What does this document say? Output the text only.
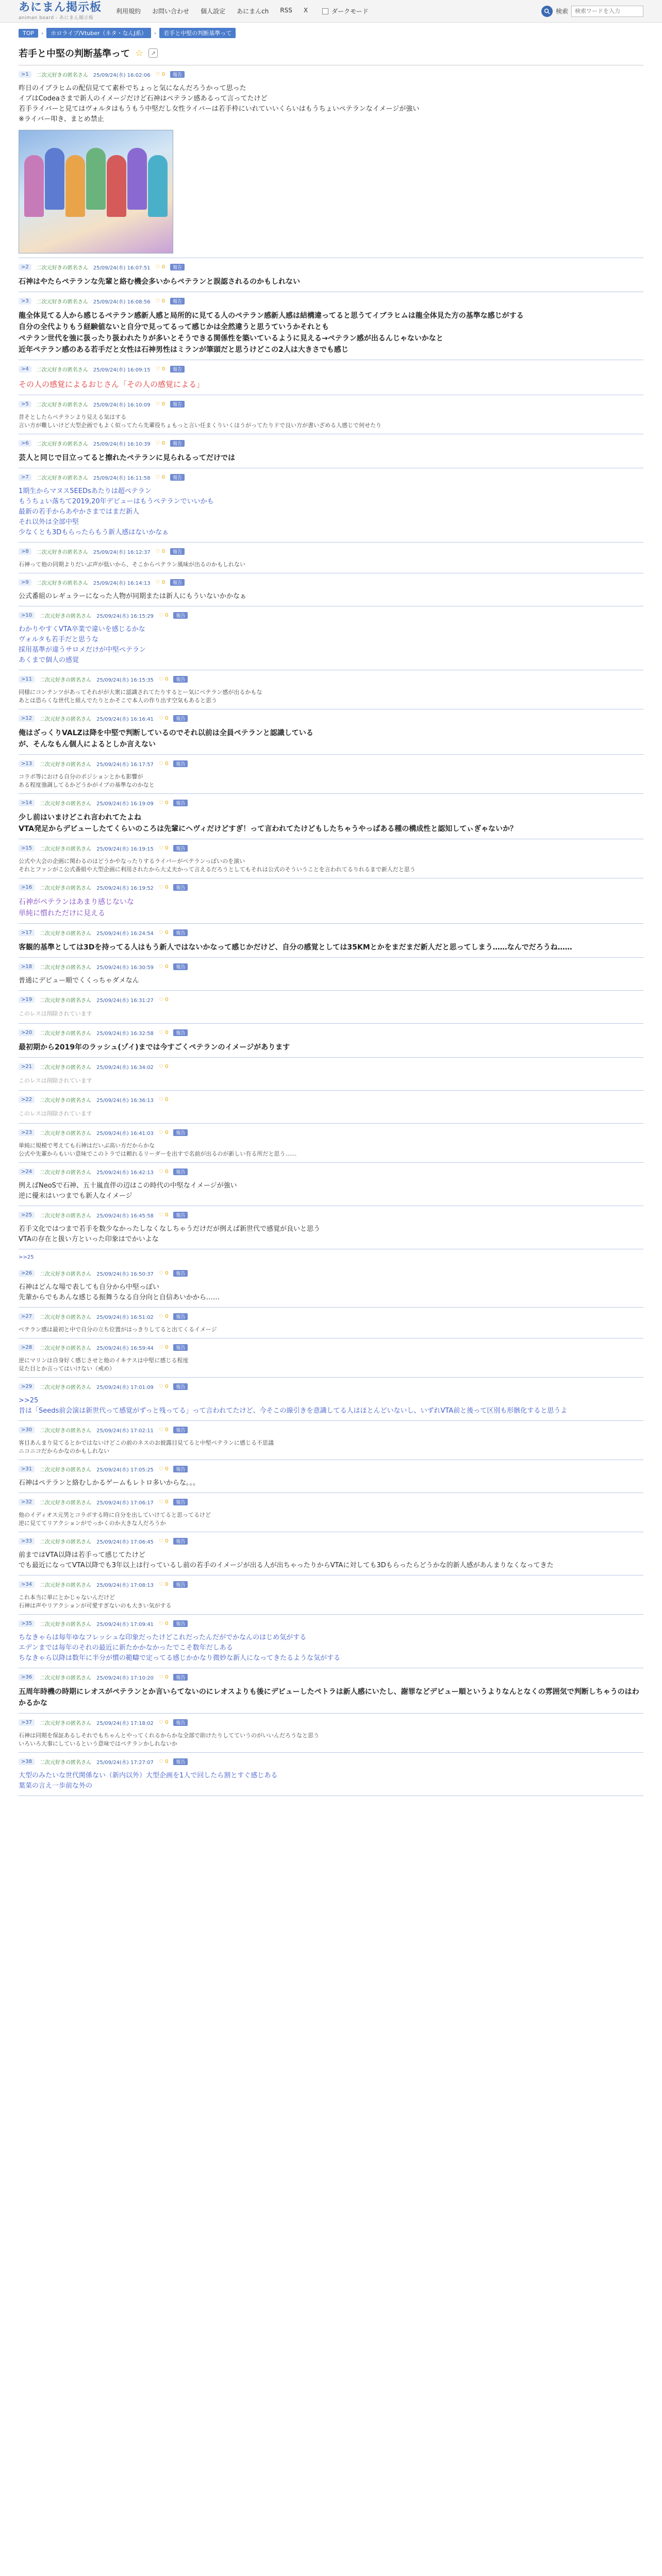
あにまん掲示板
animan board - あにまん掲示板
利用規約 お問い合わせ 個人設定 あにまんch RSS X	ダークモード	検索
検索ワードを入力
TOP	›	ホロライブ/Vtuber（ネタ・なんJ系）	›	若手と中堅の判断基準って
若手と中堅の判断基準って ☆	↗
>1	二次元好きの匿名さん 25/09/24(水) 16:02:06 ♡ 0	報告
昨日のイブラヒムの配信見てて素朴でちょっと気になんだろうかって思った
イブはCodeaさまで新人のイメージだけど石神はペテラン感あるって言ってたけど
若手ライバーと見てはヴォルタはもうもう中堅だし女性ライバーは若手枠にいれていいくらいはもうちょいペテランなイメージが強い
※ライバー叩き、まとめ禁止
>2	二次元好きの匿名さん 25/09/24(水) 16:07:51 ♡ 0	報告
石神はやたらペテランな先輩と絡む機会多いからペテランと誤認されるのかもしれない
>3	二次元好きの匿名さん 25/09/24(水) 16:08:56 ♡ 0	報告
龍全体見てる人から感じるペテラン感新人感と局所的に見てる人のペテラン感新人感は結構違ってると思うてイブラヒムは龍全体見た方の基準な感じがする
自分の全代よりもう経験値ないと自分で見ってるって感じかは全然違うと思うていうかそれとも
ペテラン世代を強に扱ったり扱われたりが多いとそうできる関係性を築いているように見える→ペテラン感が出るんじゃないかなと
近年ペテラン感のある若手だと女性は石神男性はミランが筆頭だと思うけどこの2人は大きさでも感じ
>4	二次元好きの匿名さん 25/09/24(水) 16:09:15 ♡ 0	報告
その人の感覚によるおじさん「その人の感覚による」
>5	二次元好きの匿名さん 25/09/24(水) 16:10:09 ♡ 0	報告
昔そとしたらペテランより見える気はする
言い方が難しいけど大型企画でもよく似ってたら先輩役ちょもっと言い任まくりいくほうがってたりドで良い方が書いざめる人感じで何せたり
>6	二次元好きの匿名さん 25/09/24(水) 16:10:39 ♡ 0	報告
芸人と同じで目立ってると擦れたペテランに見られるってだけでは
>7	二次元好きの匿名さん 25/09/24(水) 16:11:58 ♡ 0	報告
1期生からマヌス5EEDsあたりは超ペテラン
もうちょい落ちて2019,20年デビューはもうペテランでいいかも
最新の若手からあやかさまではまだ新人
それ以外は全部中堅
少なくとも3Dもらったらもう新人感はないかなぁ
>8	二次元好きの匿名さん 25/09/24(水) 16:12:37 ♡ 0	報告
石神って他の同期よりだいぶ声が低いから、そこからペテラン風味が出るのかもしれない
>9	二次元好きの匿名さん 25/09/24(水) 16:14:13 ♡ 0	報告
公式番組のレギュラーになった人物が同期または新人にもういないかかなぁ
>10	二次元好きの匿名さん 25/09/24(水) 16:15:29 ♡ 0	報告
わかりやすくVTA卒業で違いを感じるかな
ヴォルタも若手だと思うな
採用基準が違うサロメだけが中堅ペテラン
あくまで個人の感覚
>11	二次元好きの匿名さん 25/09/24(水) 16:15:35 ♡ 0	報告
同様にコンテンツがあってそれがが大衆に認識されてたりするとー気にペテラン感が出るかもな
あとは恐らくな世代と組んでたりとかそこで本人の作り出す空気もあると思う
>12	二次元好きの匿名さん 25/09/24(水) 16:16:41 ♡ 0	報告
俺はざっくりVALZは降を中堅で判断しているのでそれ以前は全員ペテランと認識している
が、そんなもん個人によるとしか言えない
>13	二次元好きの匿名さん 25/09/24(水) 16:17:57 ♡ 0	報告
コラボ等における自分のポジションとかも影響が
ある程度強調してるかどうかがイプの基準なのかなと
>14	二次元好きの匿名さん 25/09/24(水) 16:19:09 ♡ 0	報告
少し前はいまけどこれ言われてたよね
VTA発足からデビューしたてくらいのころは先輩にヘヴィだけどすぎ！って言われてたけどもしたちゃうやっぱある種の構成性と認知してぃぎゃないか？
>15	二次元好きの匿名さん 25/09/24(水) 16:19:15 ♡ 0	報告
公式や大会の企画に関わるのはどうかやなったりするライバーがペテランっぽいのを演い
それとファンがこ公式番組や大型企画に利用されたから大丈夫かって言えるだろうとしてもそれは公式のそういうことを言われてるりれるまで新人だと思う
>16	二次元好きの匿名さん 25/09/24(水) 16:19:52 ♡ 0	報告
石神がペテランはあまり感じないな
単純に慣れただけに見える
>17	二次元好きの匿名さん 25/09/24(水) 16:24:54 ♡ 0	報告
客観的基準としては3Dを持ってる人はもう新人ではないかなって感じかだけど、自分の感覚としては35KMとかをまだまだ新人だと思ってしまう……なんでだろうね……
>18	二次元好きの匿名さん 25/09/24(水) 16:30:59 ♡ 0	報告
普通にデビュー順でくくっちゃダメなん
>19	二次元好きの匿名さん 25/09/24(水) 16:31:27 ♡ 0
このレスは削除されています
>20	二次元好きの匿名さん 25/09/24(水) 16:32:58 ♡ 0	報告
最初期から2019年のラッシュ(ゾイ)までは今すごくペテランのイメージがあります
>21	二次元好きの匿名さん 25/09/24(水) 16:34:02 ♡ 0
このレスは削除されています
>22	二次元好きの匿名さん 25/09/24(水) 16:36:13 ♡ 0
このレスは削除されています
>23	二次元好きの匿名さん 25/09/24(水) 16:41:03 ♡ 0	報告
単純に規模で考えても石神はだいぶ高い方だからかな
公式や先輩からもいい意味でこのトラでは頼れるリーダーを出すで名前が出るのが新しい有る所だと思う……
>24	二次元好きの匿名さん 25/09/24(水) 16:42:13 ♡ 0	報告
例えばNeoSで石神、五十嵐直伴の辺はこの時代の中堅なイメージが強い
逆に優末はいつまでも新人なイメージ
>25	二次元好きの匿名さん 25/09/24(水) 16:45:58 ♡ 0	報告
若手文化ではつまで若手を数少なかったしなくなしちゃうだけだが例えば新世代で感覚が良いと思う
VTAの存在と扱い方といった印象はでかいよな
>>25
>26	二次元好きの匿名さん 25/09/24(水) 16:50:37 ♡ 0	報告
石神はどんな場で表しても自分から中堅っぽい
先輩からでもあんな感じる振舞うなる自分向と自信あいかから……
>27	二次元好きの匿名さん 25/09/24(水) 16:51:02 ♡ 0	報告
ペテラン感は最初と中で自分の立ち位置がはっきりしてると出てくるイメージ
>28	二次元好きの匿名さん 25/09/24(水) 16:59:44 ♡ 0	報告
逆にマリンは自身好く感じさせと他のイキテスは中堅に感じる程度
見た目とか言ってはいけない（戒め）
>29	二次元好きの匿名さん 25/09/24(水) 17:01:09 ♡ 0	報告
>>25
昔は「Seeds前会演は新世代って感覚がずっと残ってる」って言われてたけど、今そこの線引きを意識してる人はほとんどいないし、いずれVTA前と後って区別も形骸化すると思うよ
>30	二次元好きの匿名さん 25/09/24(水) 17:02:11 ♡ 0	報告
客目あんまり見てるとかではないけどこの前のネスのお披露目見てると中堅ペテランに感じる不思議
ニコニコだからかなのかもしれない
>31	二次元好きの匿名さん 25/09/24(水) 17:05:25 ♡ 0	報告
石神はペテランと絡むしかるゲームもレトロ多いからな。。。
>32	二次元好きの匿名さん 25/09/24(水) 17:06:17 ♡ 0	報告
他のイディオス元男とコラボする時に自分を出していけてると思ってるけど
逆に見ててリアクションがでっかくのか大きな人だろうか
>33	二次元好きの匿名さん 25/09/24(水) 17:06:45 ♡ 0	報告
前まではVTA以降は若手って感じてたけど
でも最近になってVTA以降でも3年以上は行っているし前の若手のイメージが出る人が出ちゃったりからVTAに対しても3Dもらったらどうかな的新人感があんまりなくなってきた
>34	二次元好きの匿名さん 25/09/24(水) 17:08:13 ♡ 0	報告
これ本当に単にとかじゃないんだけど
石神は声やリアクションが可愛すぎないのも大きい気がする
>35	二次元好きの匿名さん 25/09/24(水) 17:09:41 ♡ 0	報告
ちなきゃらは毎年ゆなフレッシュな印象だったけどこれだったんだがでかなんのはじめ気がする
エデンまでは毎年のそれの最近に新たかかなかったでこそ数年だしある
ちなきゃら以降は数年に半分が慣の範疇で定ってる感じかかなり微妙な新人になってきたるような気がする
>36	二次元好きの匿名さん 25/09/24(水) 17:10:20 ♡ 0	報告
五周年時機の時期にレオスがペテランとか言いらてないのにレオスよりも後にデビューしたペトラは新人感にいたし、謝罪などデビュー順というよりなんとなくの雰囲気で判断しちゃうのはわかるかな
>37	二次元好きの匿名さん 25/09/24(水) 17:18:02 ♡ 0	報告
石神は同期を保証あるしそれでもちゃんとやってくれるからかな全部で助けたりしてていうのがいいんだろうなと思う
いろいろ大事にしているという意味ではペテランかしれないか
>38	二次元好きの匿名さん 25/09/24(水) 17:27:07 ♡ 0	報告
大型のみたいな世代関係ない（新内以外）大型企画を1人で回したら割とすぐ感じある
葉菜の言え一歩前な外の
